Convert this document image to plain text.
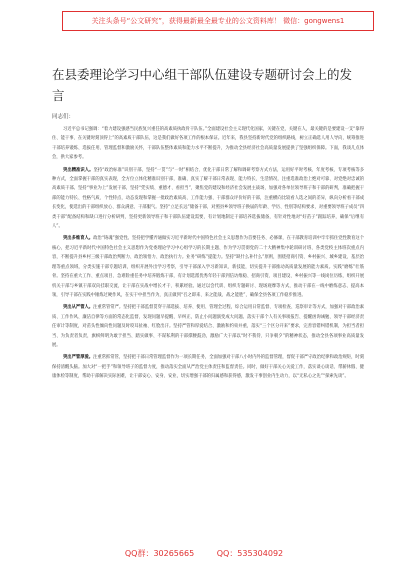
关注头条号“公文研究”，获得最新最全最专业的公文资料库！ 微信：gongwens1
在县委理论学习中心组干部队伍建设专题研讨会上的发言
同志们：

习近平总书记强调：“着力建设强感当民族复兴重任的高素质执政骨干队伍。”全面建设社会主义现代化国家，关键在党，关键在人，最关键的是要建设一支“靠得住、能干事、在关键时刻顶得上”的高素质干部队伍，这是我们做好各项工作的根本保证。近年来，我县坚持新时代党的组织路线，树立正确选人用人导向，统筹推进干部培养锻炼、选拔任用、管理监督和激励关怀，干部队伍整体素质和能力水平不断提升，为推动全县经济社会高质量发展提供了坚强组织保障。下面，我谈几点体会，供大家参考。

突出精准识人。坚持“政治标准”识别干部，坚持“一贯”与“一时”相结合、优化干部日常了解和调研考察方式方法，运用好平时考核、年度考核、专项考核等多种方式，全面掌握干部的真实表现，全方位立体化精准识别干部，准确、真实了解干部日常表现、能力特长、生活情况，注重选准政治上绝对可靠、对党绝对忠诚的高素质干部。坚持“事业为上”发展干部，坚持“凭实绩、重德才、看担当”，聚焦党的建设和经济社会发展主战场，加强对各单位领导班子和干部的研判，准确把握干部的能力特长、性格气质、个性特点，动态发现和掌握一批政治素质高、工作能力强、干部群众评价好的干部，注重横向比较看人选之间的差异，纵向分析看干部成长变化，使选出的干部组织放心、群众满意、干部服气。坚持“立足长远”储备干部，对照县乡领导班子换届的年龄、学历、性别等结构要求，对重要领导班子成员“四类干部”配备结构和缺口进行分析研判，坚持更新领导班子和干部队伍建设需要，有计划地制定干部培养选拔储备，有针对性地对“好苗子”跟踪培养，确保“后继有人”。

突出多维育人。政治“铸魂”强党性。坚持把学懂弄通做实习近平新时代中国特色社会主义思想作为首要任务、必修课，在干部教育培训中牢牢抓住党性教育这个核心，把习近平新时代中国特色社会主义思想作为党委理论学习中心组学习的长期主题、作为学习贯彻党的二十大精神集中轮训研讨班、各类党校主体班次重点内容，不断提升县乡村三级干部政治判断力、政治领悟力、政治执行力。业务“研练”提能力。坚持“缺什么补什么”原则，围绕招商引资、乡村振兴、城乡建设、基层治理等重点领域，分类实施干部专题培训，组织开展外出学习考察，引导干部深入学习新知识、新技能，切实提升干部推动高质量发展的能力素质。实践“磨练”壮筋骨。坚持在重大工作、重点项目、急难险重任务中培养锻炼干部，有计划选派优秀年轻干部到信访维稳、招商引资、项目建设、乡村振兴等一线岗位历练，组织开展机关干部与乡镇干部双向挂职交流，让干部在实战中增长才干、积累经验。通过以会代训、组织专题研讨、现场观摩等方式，推动干部在一线中磨练意志、提高本领，引导干部在实践中锤炼过硬作风，在实干中担当作为，真正做到“召之即来、来之能战、战之能胜”，确保全县各项工作稳步推进。

突出从严管人。注重常管常严。坚持把干部监督贯穿干部选拔、培养、使用、管理全过程，综合运用日常监督、专项检查、巡察审计等方式，加强对干部政治素质、工作作风、廉洁自律等方面的常态化监督，发现问题早提醒、早纠正，防止小问题演变成大问题。落实干部个人有关事项报告、提醒函询诫勉、领导干部经济责任审计等制度，对苗头性倾向性问题及时咬耳扯袖、红脸出汗。坚持严管和厚爱结合、激励和约束并重，落实“三个区分开来”要求，完善容错纠错机制，为担当者担当、为负责者负责，旗帜鲜明为敢于担当、踏实做事、不谋私利的干部撑腰鼓劲，激励广大干部以“时不我待、只争朝夕”的精神状态，推动全县各项事业高质量发展。

突出严管厚爱。注重常抓常管，坚持把干部日常管理监督作为一项长期任务，全面加强对干部八小时内外的监督管理，督促干部严守政治纪律和政治规矩，时刻保持清醒头脑。加大对“一把手”和领导班子的监督力度，推动落实全面从严治党主体责任和监督责任。同时，做好干部关心关爱工作，落实谈心谈话、带薪休假、健康体检等制度，帮助干部解决实际困难，让干部安心、安身、安业，切实增强干部的归属感和获得感，激发干事创业内生动力，以“无私心之先”“探索先谈”。

QQ群：30265665	QQ：535304092
